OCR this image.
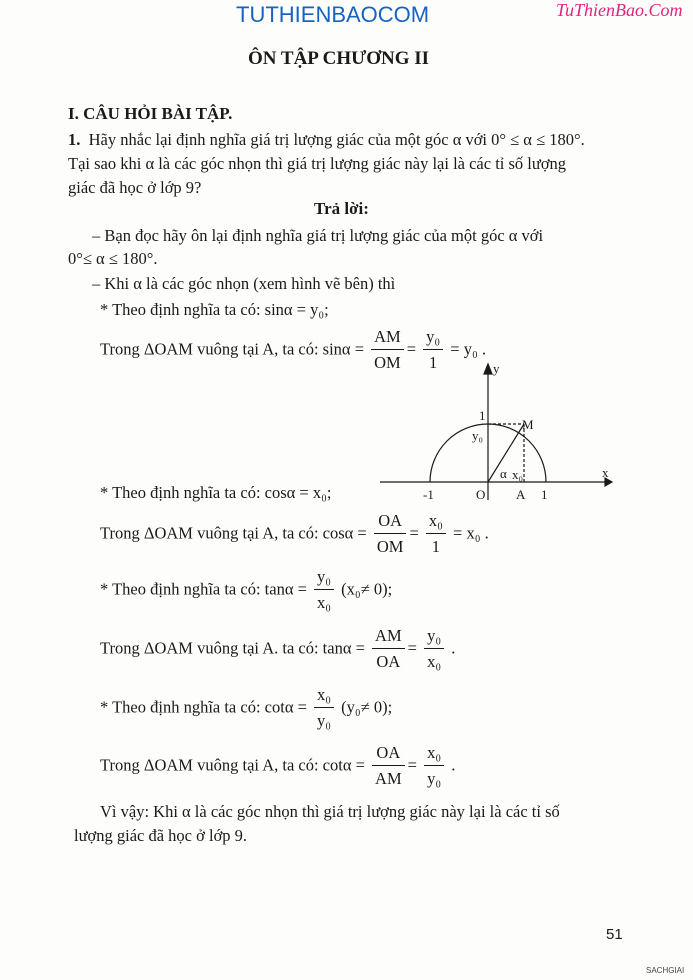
TUTHIENBAOCOM	TuThienBao.Com
ÔN TẬP CHƯƠNG II
I. CÂU HỎI BÀI TẬP.
1. Hãy nhắc lại định nghĩa giá trị lượng giác của một góc α với 0° ≤ α ≤ 180°.
Tại sao khi α là các góc nhọn thì giá trị lượng giác này lại là các tỉ số lượng
giác đã học ở lớp 9?
Trả lời:
– Bạn đọc hãy ôn lại định nghĩa giá trị lượng giác của một góc α với
0°≤ α ≤ 180°.
– Khi α là các góc nhọn (xem hình vẽ bên) thì
* Theo định nghĩa ta có: sinα = y₀;
Trong ΔOAM vuông tại A, ta có: $\sin\alpha = \frac{AM}{OM} = \frac{\text{y₀}}{1} = y_0$ .
y
x
1
y₀
M
α x₀
-1	O A 1
* Theo định nghĩa ta có: cosα = x₀;
Trong ΔOAM vuông tại A, ta có: $\cos\alpha = \frac{OA}{OM} = \frac{\text{x₀}}{1} = x_0$ .
* Theo định nghĩa ta có: $\tan\alpha = \frac{\text{y₀}}{\text{x₀}} (x_0\ne 0)$;
Trong ΔOAM vuông tại A. ta có: $\tan\alpha = \frac{AM}{OA} = \frac{\text{y₀}}{\text{x₀}}$ .
* Theo định nghĩa ta có: $\cot\alpha = \frac{\text{x₀}}{\text{y₀}} (y_0\ne 0)$;
Trong ΔOAM vuông tại A, ta có: $\cot\alpha = \frac{OA}{AM} = \frac{\text{x₀}}{\text{y₀}}$ .
Vì vậy: Khi α là các góc nhọn thì giá trị lượng giác này lại là các tỉ số
lượng giác đã học ở lớp 9.
51
SACHGIAI
